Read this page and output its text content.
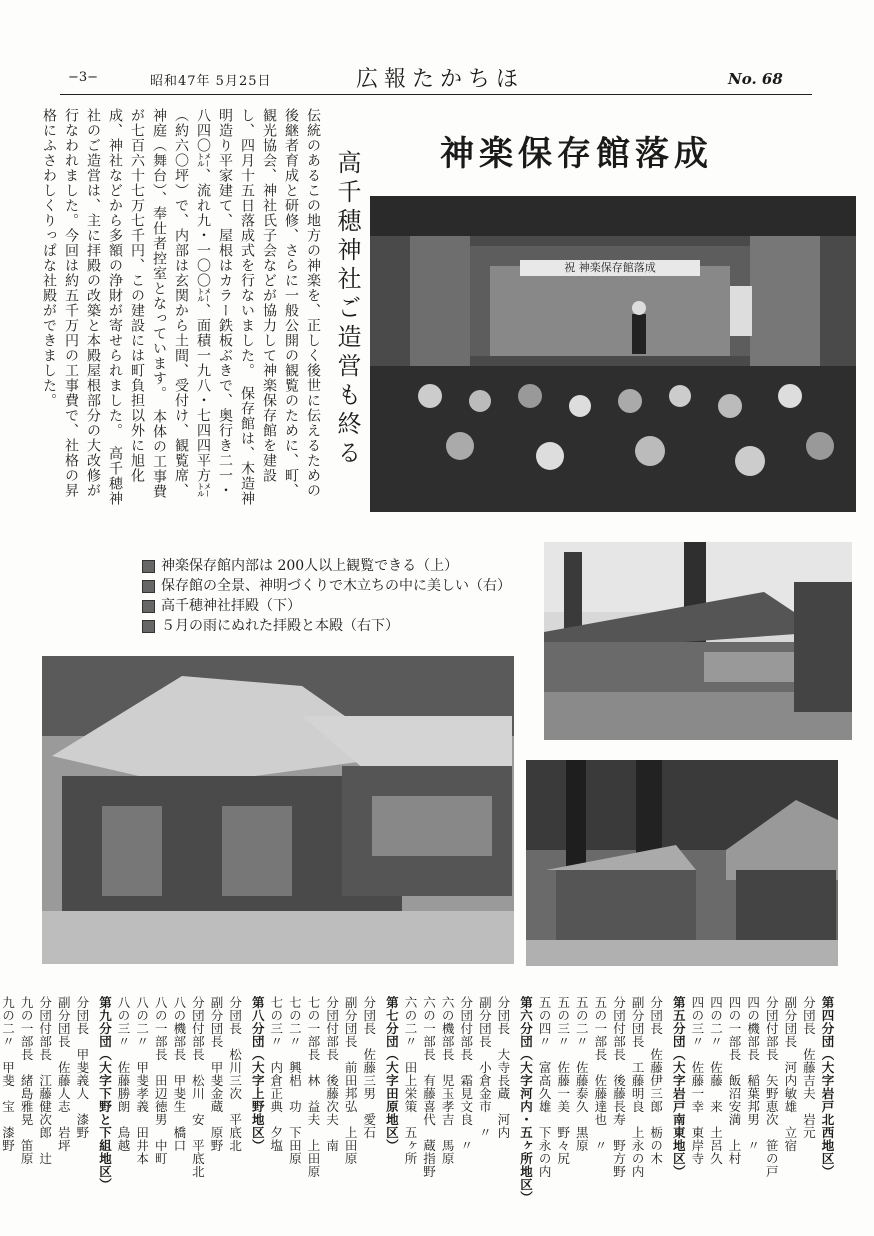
−3−	昭和47年 5月25日	広報たかちほ	No. 68
神楽保存館落成
高千穂神社ご造営も終る
伝統のあるこの地方の神楽を、正しく後世に伝えるための後継者育成と研修、さらに一般公開の観覧のために、町、観光協会、神社氏子会などが協力して神楽保存館を建設し、四月十五日落成式を行ないました。　保存館は、木造神明造り平家建て、屋根はカラー鉄板ぶきで、奥行き二一・八四〇㍍、流れ九・一〇〇㍍、面積一九八・七四四平方㍍（約六〇坪）で、内部は玄関から土間、受付け、観覧席、神庭（舞台）、奉仕者控室となっています。　本体の工事費が七百六十七万七千円、この建設には町負担以外に旭化成、神社などから多額の浄財が寄せられました。　高千穂神社のご造営は、主に拝殿の改築と本殿屋根部分の大改修が行なわれました。今回は約五千万円の工事費で、社格の昇格にふさわしくりっぱな社殿ができました。	祝 神楽保存館落成
神楽保存館内部は 200人以上観覧できる（上）
保存館の全景、神明づくりで木立ちの中に美しい（右）
高千穂神社拝殿（下）
５月の雨にぬれた拝殿と本殿（右下）
第四分団（大字岩戸北西地区）
分団長　佐藤吉夫　岩元
副分団長　河内敏雄　立宿
分団付部長　矢野恵次　笹の戸
四の機部長　稲葉邦男　〃
四の一部長　飯沼安満　上村
四の二〃　佐藤　来　土呂久
四の三〃　佐藤一幸　東岸寺
第五分団（大字岩戸南東地区）
分団長　佐藤伊三郎　栃の木
副分団長　工藤明良　上永の内
分団付部長　後藤長寿　野方野
五の一部長　佐藤達也　〃
五の二〃　佐藤泰久　黒原
五の三〃　佐藤一美　野々尻
五の四〃　富高久雄　下永の内
第六分団（大字河内・五ヶ所地区）
分団長　大寺長蔵　河内
副分団長　小倉金市　〃
分団付部長　霜見文良　〃
六の機部長　児玉孝吉　馬原
六の一部長　有藤喜代　蔵指野
六の二〃　田上栄策　五ヶ所
第七分団（大字田原地区）
分団長　佐藤三男　愛石
副分団長　前田邦弘　上田原
分団付部長　後藤次夫　南
七の一部長　林　益夫　上田原
七の二〃　興梠　功　下田原
七の三〃　内倉正典　夕塩
第八分団（大字上野地区）
分団長　松川三次　平底北
副分団長　甲斐金蔵　原野
分団付部長　松川　安　平底北
八の機部長　甲斐生　橋口
八の一部長　田辺徳男　中町
八の二〃　甲斐孝義　田井本
八の三〃　佐藤勝朗　鳥越
第九分団（大字下野と下組地区）
分団長　甲斐義人　漆野
副分団長　佐藤人志　岩坪
分団付部長　江藤健次郎　辻
九の一部長　緒島雅晃　笛原
九の二〃　甲斐　宝　漆野
